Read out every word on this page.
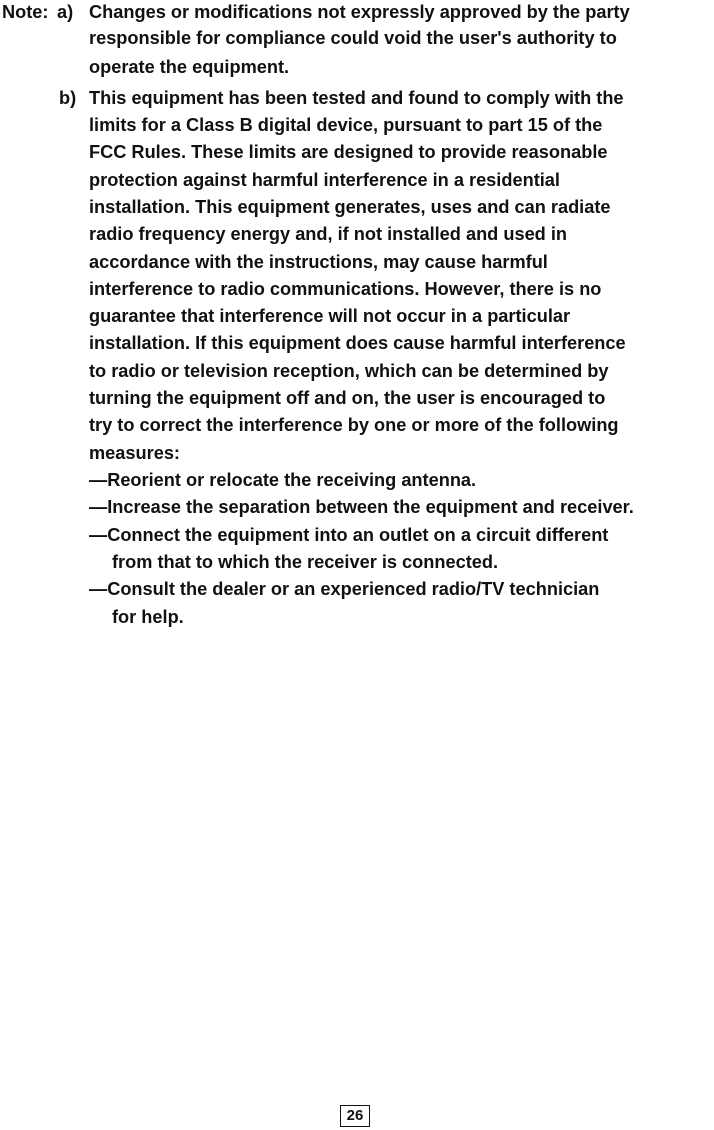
Note: a) Changes or modifications not expressly approved by the party
responsible for compliance could void the user's authority to
operate the equipment.
b) This equipment has been tested and found to comply with the
limits for a Class B digital device, pursuant to part 15 of the
FCC Rules. These limits are designed to provide reasonable
protection against harmful interference in a residential
installation. This equipment generates, uses and can radiate
radio frequency energy and, if not installed and used in
accordance with the instructions, may cause harmful
interference to radio communications. However, there is no
guarantee that interference will not occur in a particular
installation. If this equipment does cause harmful interference
to radio or television reception, which can be determined by
turning the equipment off and on, the user is encouraged to
try to correct the interference by one or more of the following
measures:
—Reorient or relocate the receiving antenna.
—Increase the separation between the equipment and receiver.
—Connect the equipment into an outlet on a circuit different
from that to which the receiver is connected.
—Consult the dealer or an experienced radio/TV technician
for help.
26
